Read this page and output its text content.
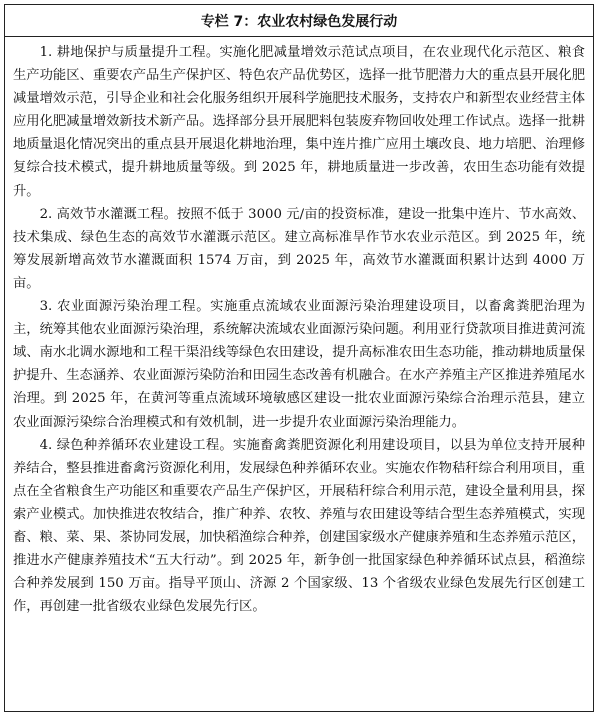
专栏 7：农业农村绿色发展行动

1. 耕地保护与质量提升工程。实施化肥减量增效示范试点项目，在农业现代化示范区、粮食生产功能区、重要农产品生产保护区、特色农产品优势区，选择一批节肥潜力大的重点县开展化肥减量增效示范，引导企业和社会化服务组织开展科学施肥技术服务，支持农户和新型农业经营主体应用化肥减量增效新技术新产品。选择部分县开展肥料包装废弃物回收处理工作试点。选择一批耕地质量退化情况突出的重点县开展退化耕地治理，集中连片推广应用土壤改良、地力培肥、治理修复综合技术模式，提升耕地质量等级。到 2025 年，耕地质量进一步改善，农田生态功能有效提升。

2. 高效节水灌溉工程。按照不低于 3000 元/亩的投资标准，建设一批集中连片、节水高效、技术集成、绿色生态的高效节水灌溉示范区。建立高标准旱作节水农业示范区。到 2025 年，统筹发展新增高效节水灌溉面积 1574 万亩，到 2025 年，高效节水灌溉面积累计达到 4000 万亩。

3. 农业面源污染治理工程。实施重点流域农业面源污染治理建设项目，以畜禽粪肥治理为主，统筹其他农业面源污染治理，系统解决流域农业面源污染问题。利用亚行贷款项目推进黄河流域、南水北调水源地和工程干渠沿线等绿色农田建设，提升高标准农田生态功能，推动耕地质量保护提升、生态涵养、农业面源污染防治和田园生态改善有机融合。在水产养殖主产区推进养殖尾水治理。到 2025 年，在黄河等重点流域环境敏感区建设一批农业面源污染综合治理示范县，建立农业面源污染综合治理模式和有效机制，进一步提升农业面源污染治理能力。

4. 绿色种养循环农业建设工程。实施畜禽粪肥资源化利用建设项目，以县为单位支持开展种养结合，整县推进畜禽污资源化利用，发展绿色种养循环农业。实施农作物秸秆综合利用项目，重点在全省粮食生产功能区和重要农产品生产保护区，开展秸秆综合利用示范，建设全量利用县，探索产业模式。加快推进农牧结合，推广种养、农牧、养殖与农田建设等结合型生态养殖模式，实现畜、粮、菜、果、茶协同发展，加快稻渔综合种养，创建国家级水产健康养殖和生态养殖示范区，推进水产健康养殖技术“五大行动”。到 2025 年，新争创一批国家绿色种养循环试点县，稻渔综合种养发展到 150 万亩。指导平顶山、济源 2 个国家级、13 个省级农业绿色发展先行区创建工作，再创建一批省级农业绿色发展先行区。
